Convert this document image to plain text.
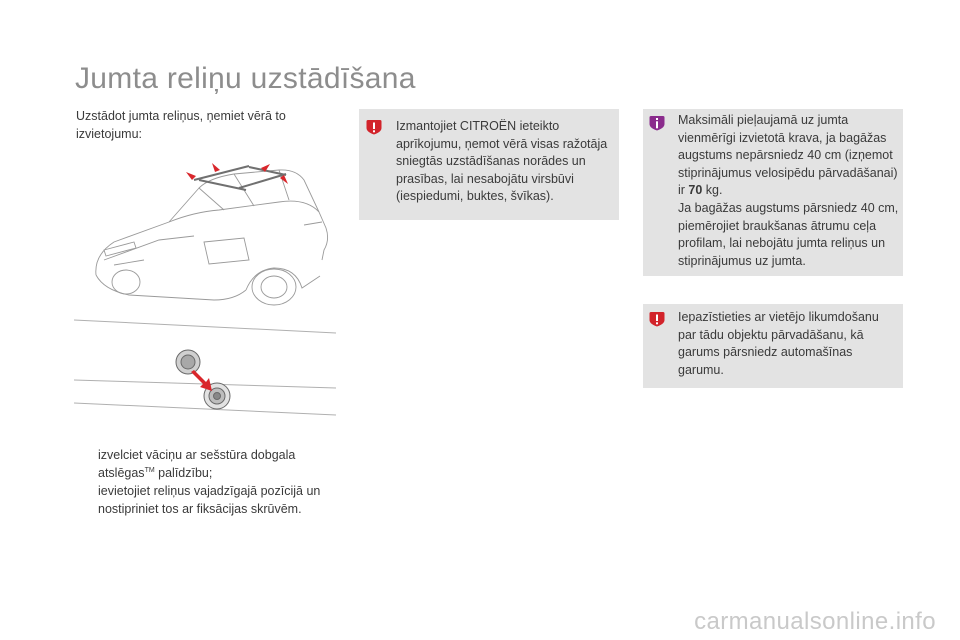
Jumta reliņu uzstādīšana

Uzstādot jumta reliņus, ņemiet vērā to izvietojumu:

izvelciet vāciņu ar sešstūra dobgala atslēgas™ palīdzību;
ievietojiet reliņus vajadzīgajā pozīcijā un nostipriniet tos ar fiksācijas skrūvēm.
Izmantojiet CITROËN ieteikto aprīkojumu, ņemot vērā visas ražotāja sniegtās uzstādīšanas norādes un prasības, lai nesabojātu virsbūvi (iespiedumi, buktes, švīkas).
Maksimāli pieļaujamā uz jumta vienmērīgi izvietotā krava, ja bagāžas augstums nepārsniedz 40 cm (izņemot stiprinājumus velosipēdu pārvadāšanai) ir 70 kg.
Ja bagāžas augstums pārsniedz 40 cm, piemērojiet braukšanas ātrumu ceļa profilam, lai nebojātu jumta reliņus un stiprinājumus uz jumta.
Iepazīstieties ar vietējo likumdošanu par tādu objektu pārvadāšanu, kā garums pārsniedz automašīnas garumu.
carmanualsonline.info
